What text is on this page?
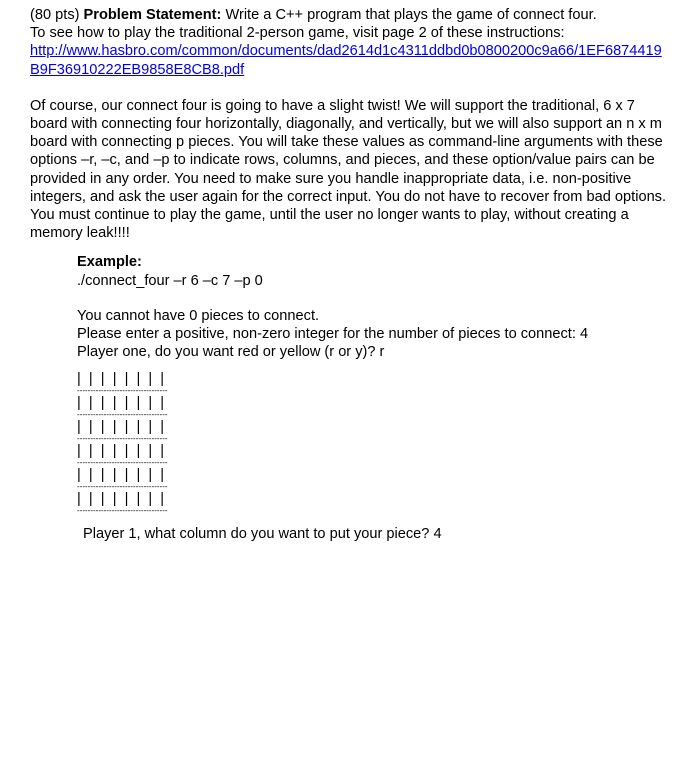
(80 pts) Problem Statement: Write a C++ program that plays the game of connect four.
To see how to play the traditional 2-person game, visit page 2 of these instructions:
http://www.hasbro.com/common/documents/dad2614d1c4311ddbd0b0800200c9a66/1EF6874419B9F36910222EB9858E8CB8.pdf

Of course, our connect four is going to have a slight twist! We will support the traditional, 6 x 7 board with connecting four horizontally, diagonally, and vertically, but we will also support an n x m board with connecting p pieces. You will take these values as command-line arguments with these options –r, –c, and –p to indicate rows, columns, and pieces, and these option/value pairs can be provided in any order. You need to make sure you handle inappropriate data, i.e. non-positive integers, and ask the user again for the correct input. You do not have to recover from bad options. You must continue to play the game, until the user no longer wants to play, without creating a memory leak!!!!

Example:

./connect_four –r 6 –c 7 –p 0

You cannot have 0 pieces to connect.

Please enter a positive, non-zero integer for the number of pieces to connect: 4

Player one, do you want red or yellow (r or y)? r

|  |  |  |  |  |  |  |
----------------------------------
|  |  |  |  |  |  |  |
----------------------------------
|  |  |  |  |  |  |  |
----------------------------------
|  |  |  |  |  |  |  |
----------------------------------
|  |  |  |  |  |  |  |
----------------------------------
|  |  |  |  |  |  |  |
----------------------------------

Player 1, what column do you want to put your piece? 4
